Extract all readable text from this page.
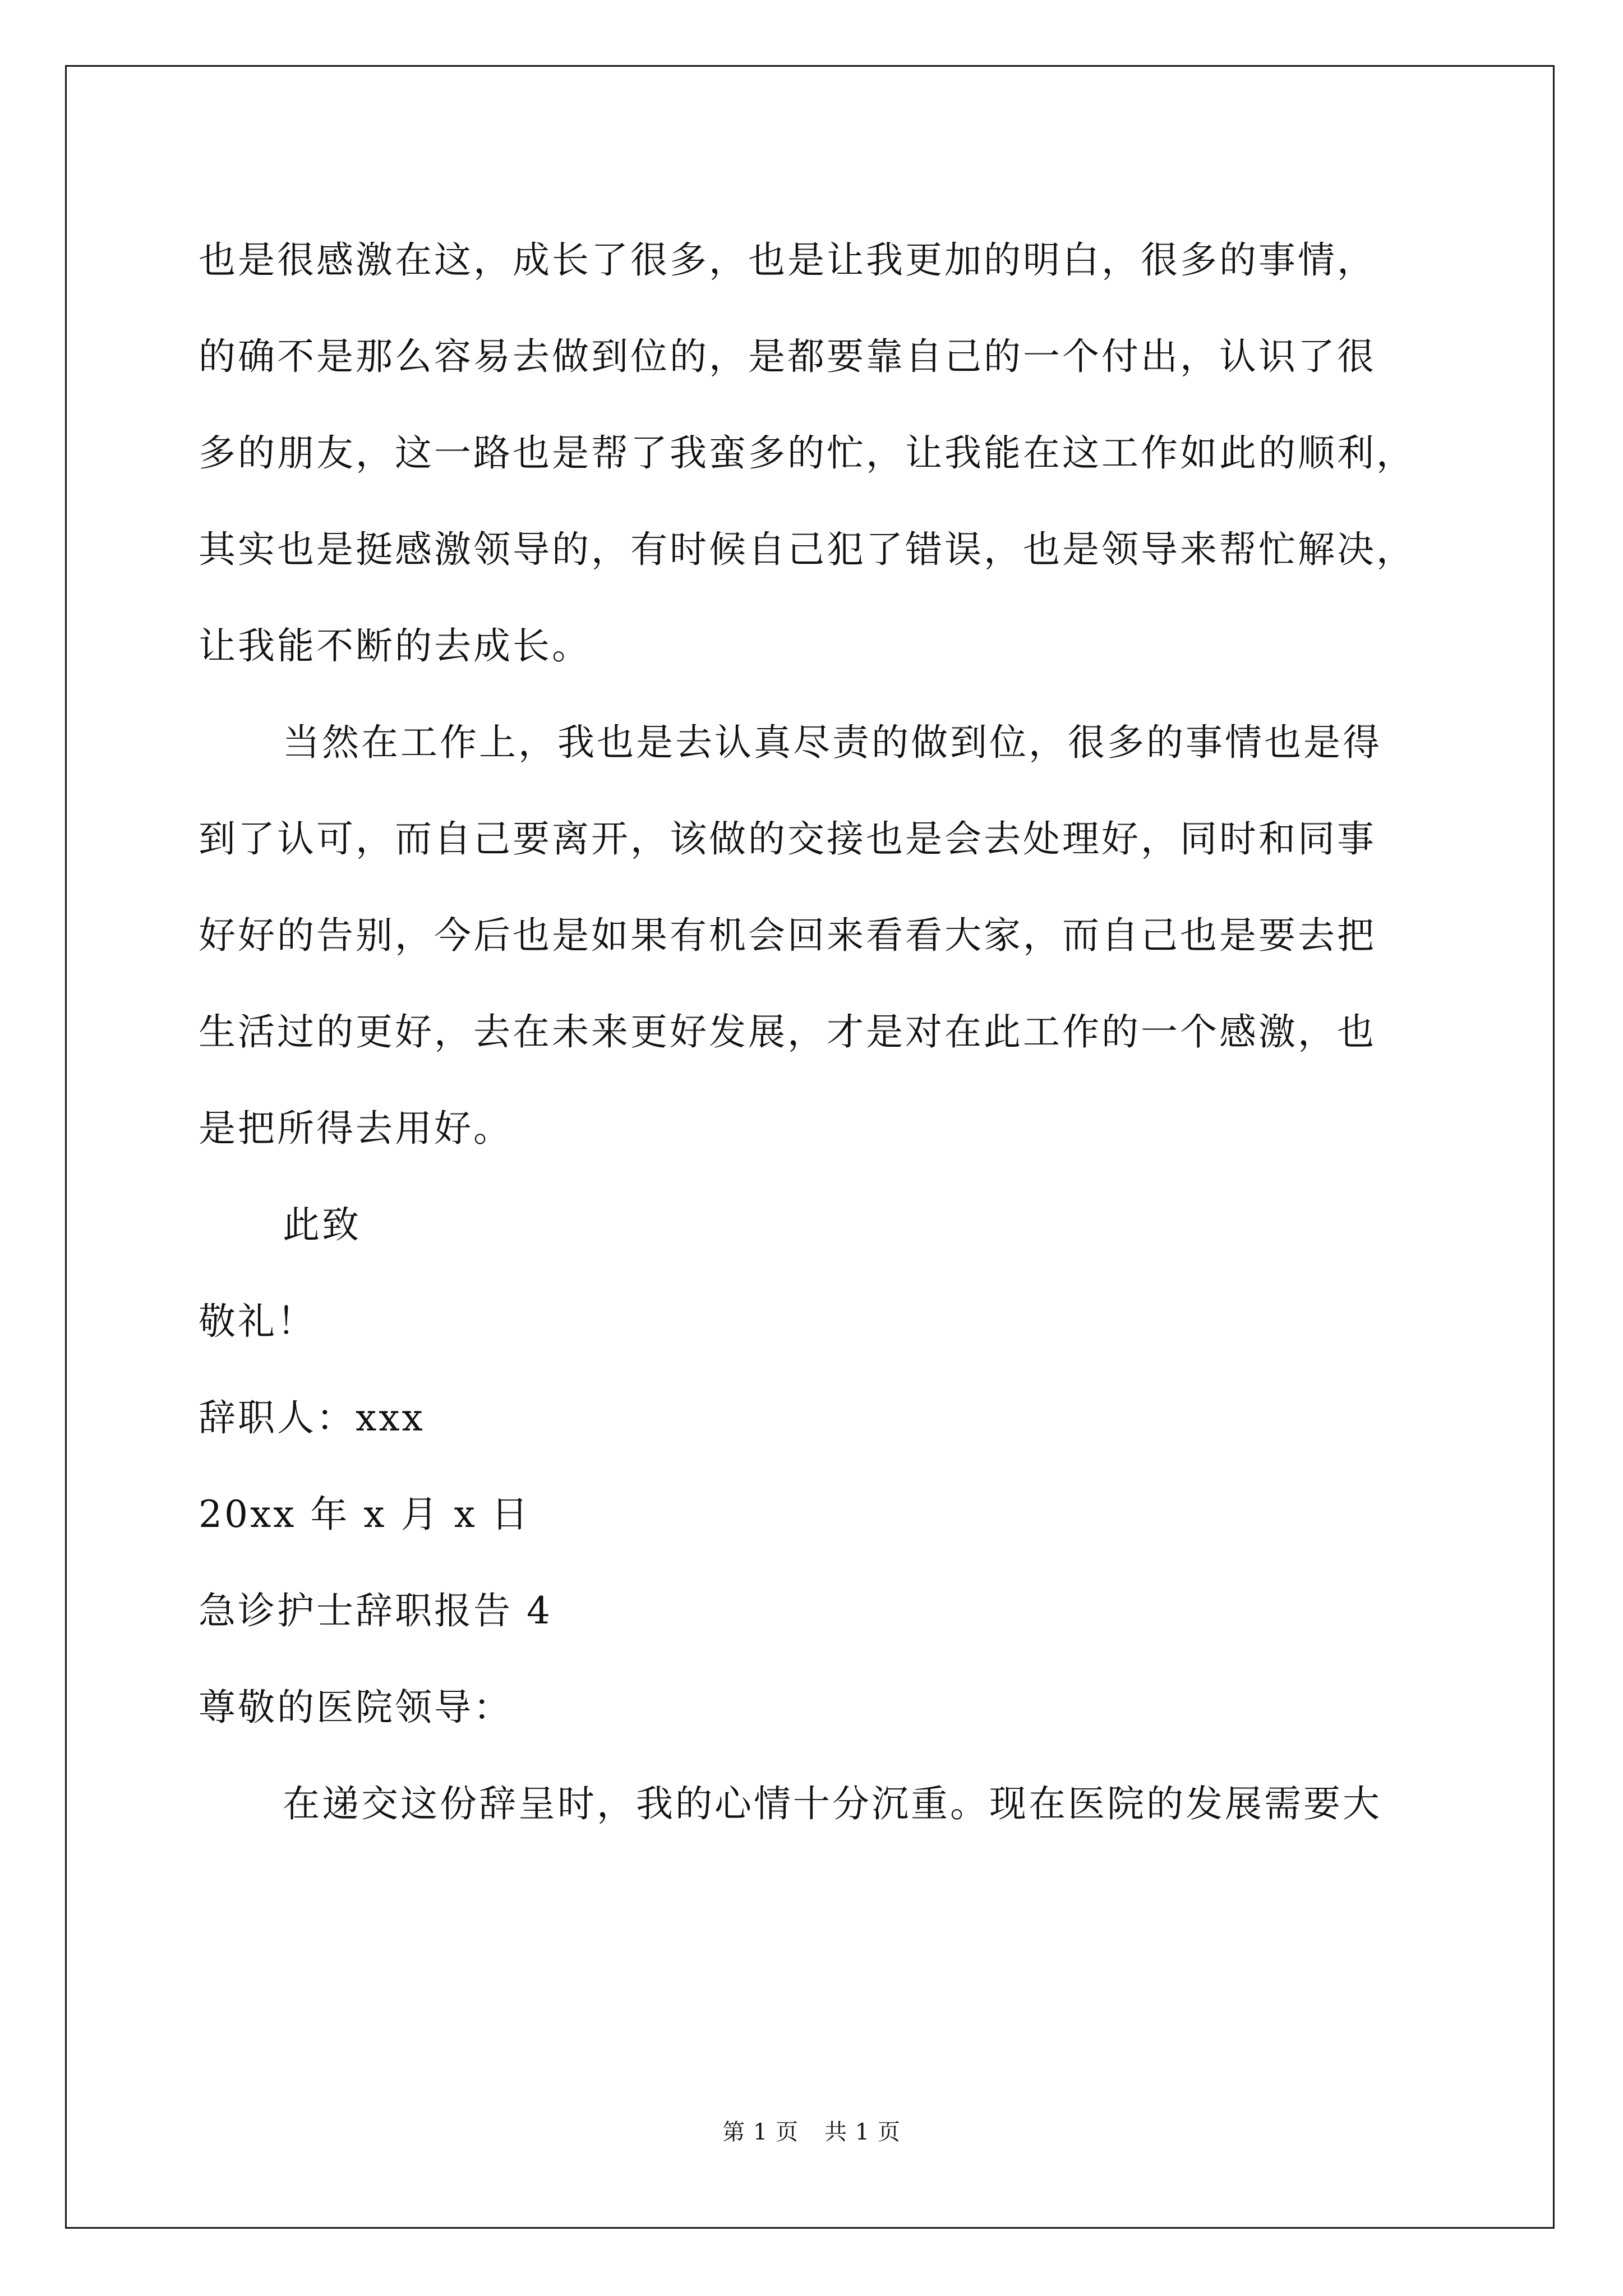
也是很感激在这，成长了很多，也是让我更加的明白，很多的事情，
的确不是那么容易去做到位的，是都要靠自己的一个付出，认识了很
多的朋友，这一路也是帮了我蛮多的忙，让我能在这工作如此的顺利，
其实也是挺感激领导的，有时候自己犯了错误，也是领导来帮忙解决，
让我能不断的去成长。
当然在工作上，我也是去认真尽责的做到位，很多的事情也是得
到了认可，而自己要离开，该做的交接也是会去处理好，同时和同事
好好的告别，今后也是如果有机会回来看看大家，而自己也是要去把
生活过的更好，去在未来更好发展，才是对在此工作的一个感激，也
是把所得去用好。
此致
敬礼！
辞职人：xxx
20xx 年 x 月 x 日
急诊护士辞职报告 4
尊敬的医院领导：
在递交这份辞呈时，我的心情十分沉重。现在医院的发展需要大
第 1 页 共 1 页
